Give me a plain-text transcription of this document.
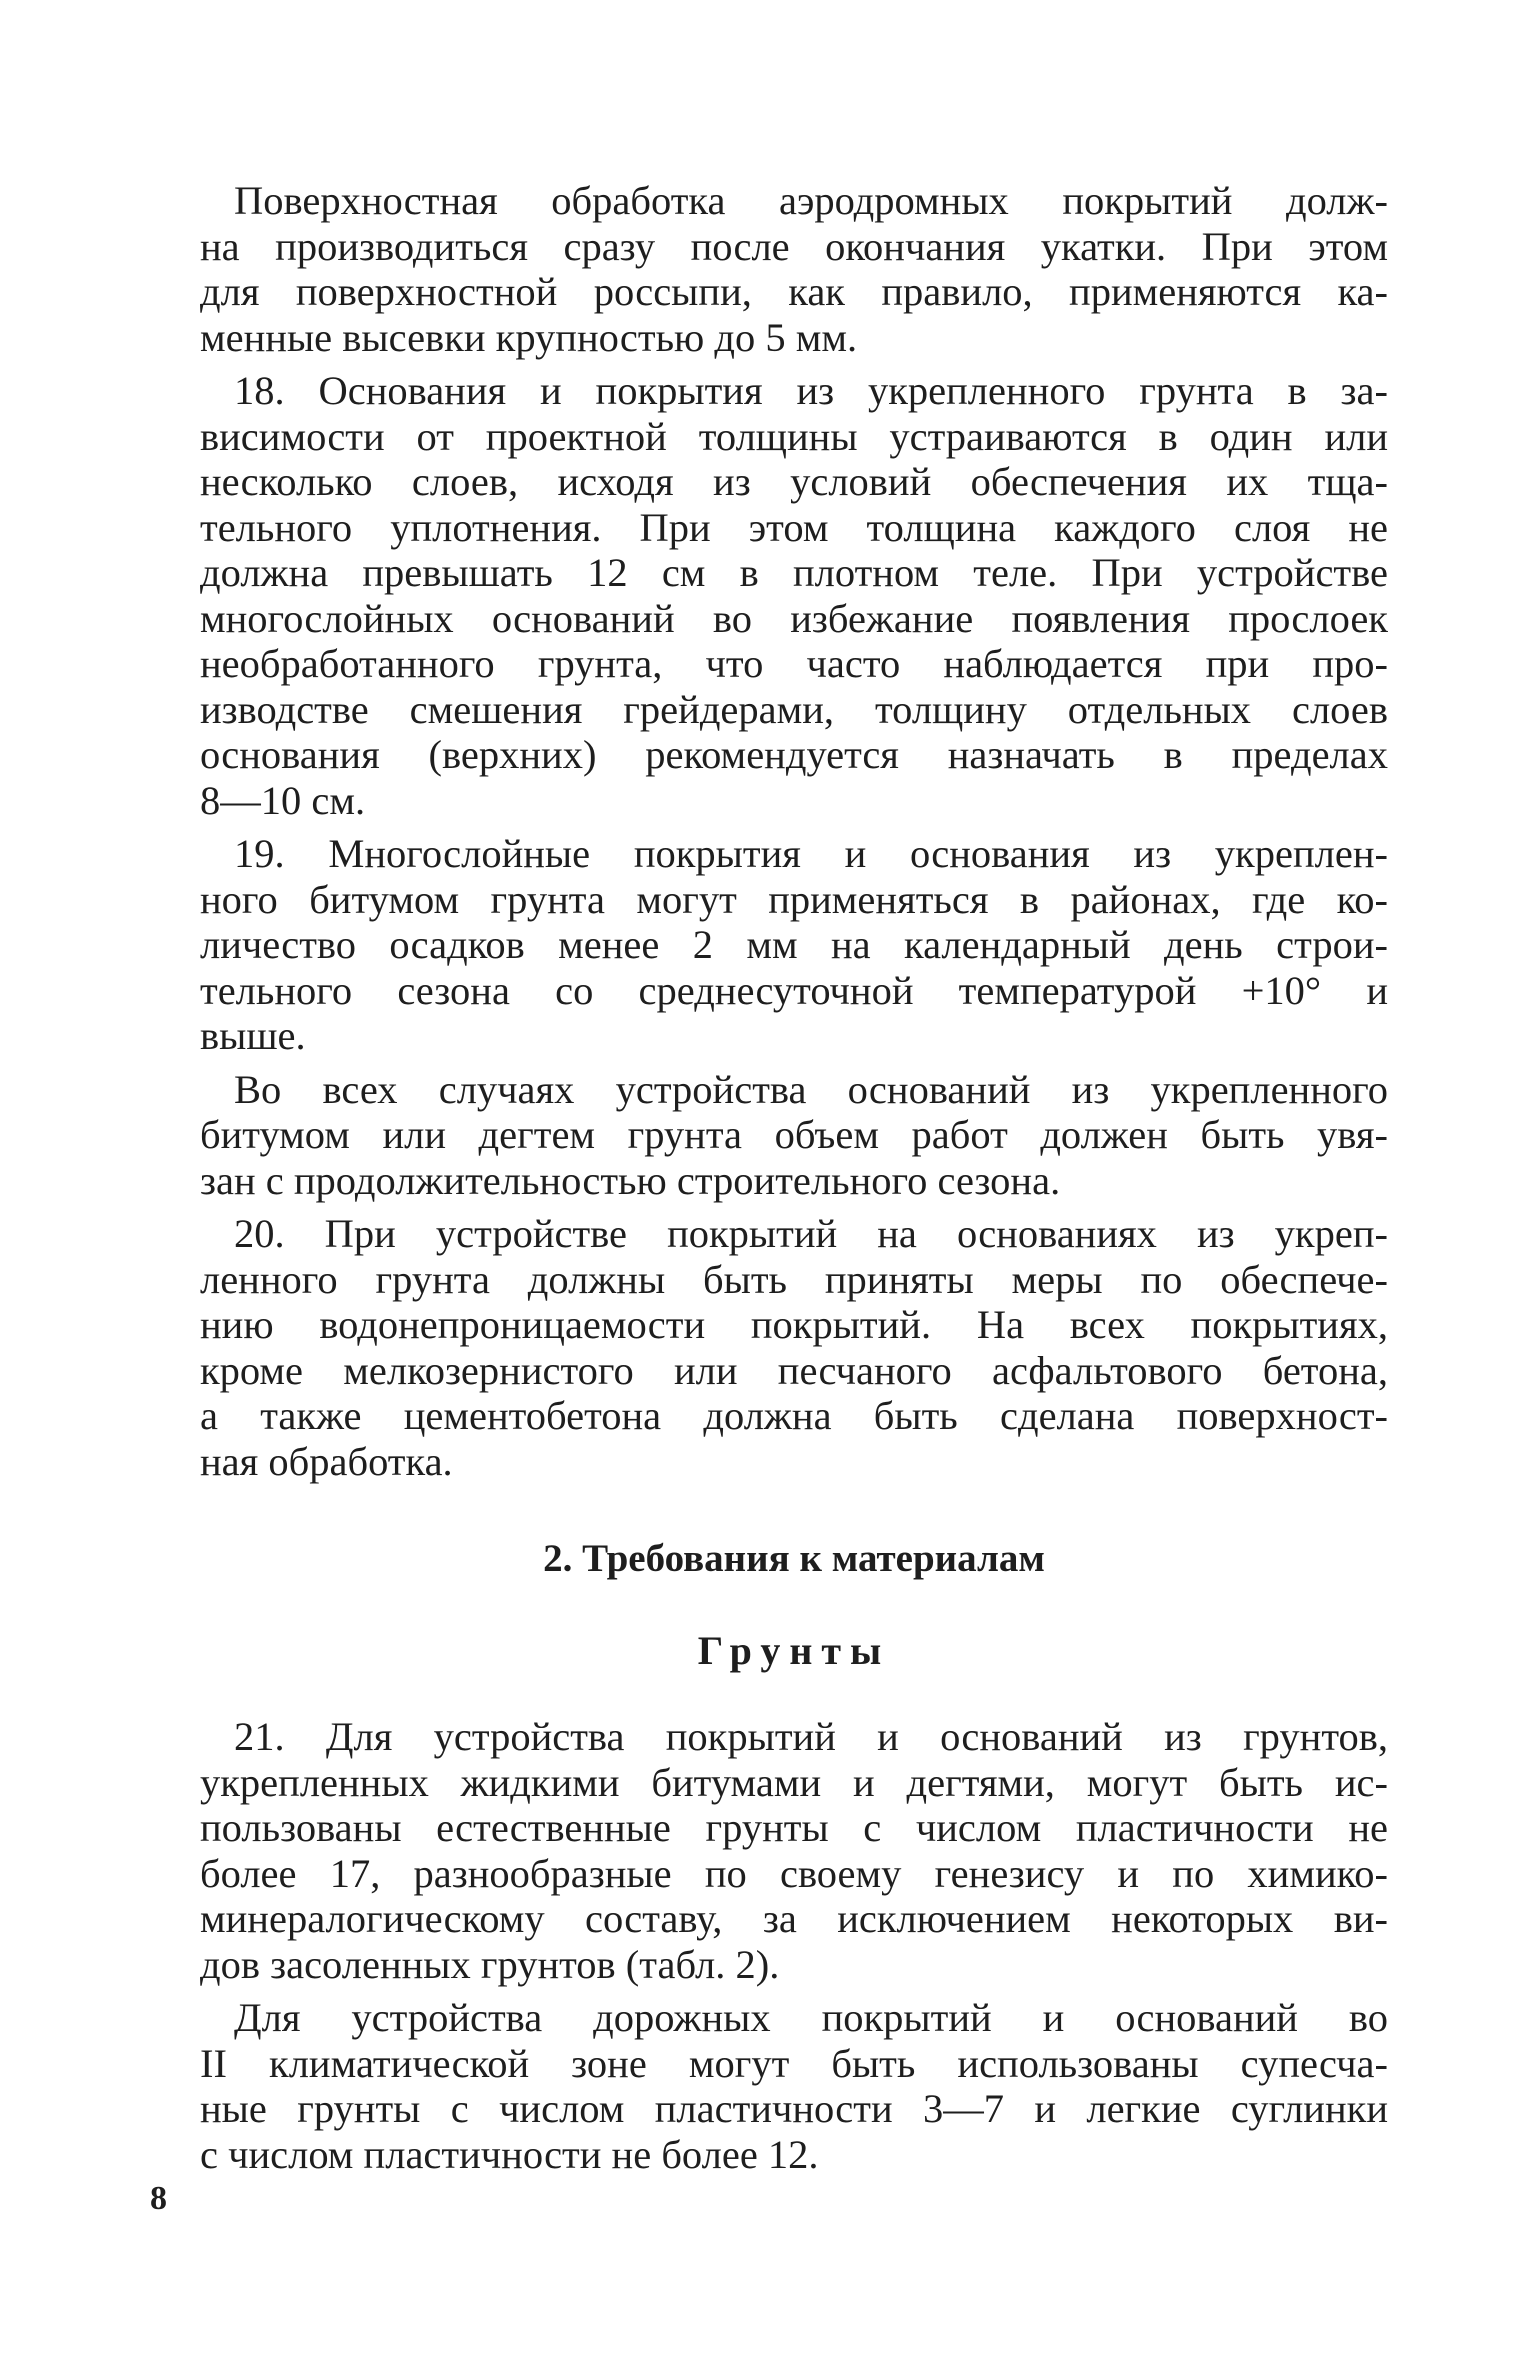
Поверхностная обработка аэродромных покрытий долж-
на производиться сразу после окончания укатки. При этом
для поверхностной россыпи, как правило, применяются ка-
менные высевки крупностью до 5 мм.

18. Основания и покрытия из укрепленного грунта в за-
висимости от проектной толщины устраиваются в один или
несколько слоев, исходя из условий обеспечения их тща-
тельного уплотнения. При этом толщина каждого слоя не
должна превышать 12 см в плотном теле. При устройстве
многослойных оснований во избежание появления прослоек
необработанного грунта, что часто наблюдается при про-
изводстве смешения грейдерами, толщину отдельных слоев
основания (верхних) рекомендуется назначать в пределах
8—10 см.

19. Многослойные покрытия и основания из укреплен-
ного битумом грунта могут применяться в районах, где ко-
личество осадков менее 2 мм на календарный день строи-
тельного сезона со среднесуточной температурой +10° и
выше.

Во всех случаях устройства оснований из укрепленного
битумом или дегтем грунта объем работ должен быть увя-
зан с продолжительностью строительного сезона.

20. При устройстве покрытий на основаниях из укреп-
ленного грунта должны быть приняты меры по обеспече-
нию водонепроницаемости покрытий. На всех покрытиях,
кроме мелкозернистого или песчаного асфальтового бетона,
а также цементобетона должна быть сделана поверхност-
ная обработка.

2. Требования к материалам
Грунты

21. Для устройства покрытий и оснований из грунтов,
укрепленных жидкими битумами и дегтями, могут быть ис-
пользованы естественные грунты с числом пластичности не
более 17, разнообразные по своему генезису и по химико-
минералогическому составу, за исключением некоторых ви-
дов засоленных грунтов (табл. 2).

Для устройства дорожных покрытий и оснований во
II климатической зоне могут быть использованы супесча-
ные грунты с числом пластичности 3—7 и легкие суглинки
с числом пластичности не более 12.

8
